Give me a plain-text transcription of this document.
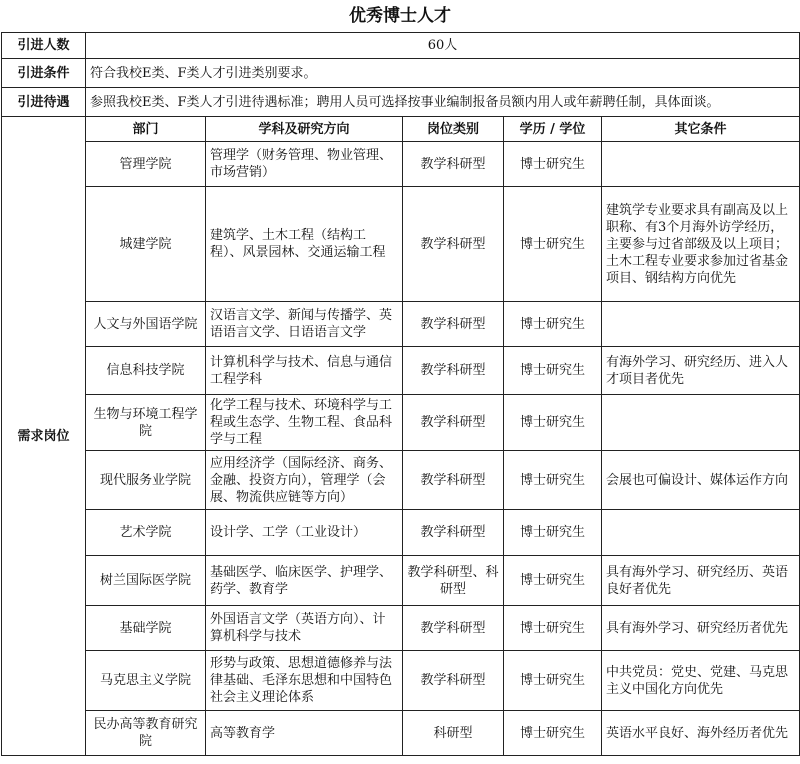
优秀博士人才
引进人数	60人				
引进条件	符合我校E类、F类人才引进类别要求。				
引进待遇	参照我校E类、F类人才引进待遇标准；聘用人员可选择按事业编制报备员额内用人或年薪聘任制，具体面谈。				
需求岗位	部门	学科及研究方向	岗位类别	学历 / 学位	其它条件
	管理学院	管理学（财务管理、物业管理、市场营销）	教学科研型	博士研究生	
	城建学院	建筑学、土木工程（结构工程）、风景园林、交通运输工程	教学科研型	博士研究生	建筑学专业要求具有副高及以上职称、有3个月海外访学经历，主要参与过省部级及以上项目；土木工程专业要求参加过省基金项目、钢结构方向优先
	人文与外国语学院	汉语言文学、新闻与传播学、英语语言文学、日语语言文学	教学科研型	博士研究生	
	信息科技学院	计算机科学与技术、信息与通信工程学科	教学科研型	博士研究生	有海外学习、研究经历、进入人才项目者优先
	生物与环境工程学院	化学工程与技术、环境科学与工程或生态学、生物工程、食品科学与工程	教学科研型	博士研究生	
	现代服务业学院	应用经济学（国际经济、商务、金融、投资方向），管理学（会展、物流供应链等方向）	教学科研型	博士研究生	会展也可偏设计、媒体运作方向
	艺术学院	设计学、工学（工业设计）	教学科研型	博士研究生	
	树兰国际医学院	基础医学、临床医学、护理学、药学、教育学	教学科研型、科研型	博士研究生	具有海外学习、研究经历、英语良好者优先
	基础学院	外国语言文学（英语方向）、计算机科学与技术	教学科研型	博士研究生	具有海外学习、研究经历者优先
	马克思主义学院	形势与政策、思想道德修养与法律基础、毛泽东思想和中国特色社会主义理论体系	教学科研型	博士研究生	中共党员：党史、党建、马克思主义中国化方向优先
	民办高等教育研究院	高等教育学	科研型	博士研究生	英语水平良好、海外经历者优先
